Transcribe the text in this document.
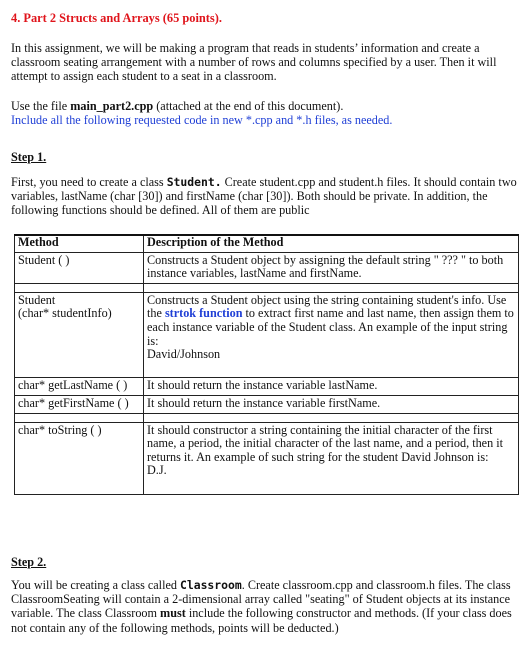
4. Part 2 Structs and Arrays (65 points).

In this assignment, we will be making a program that reads in students’ information and create a classroom seating arrangement with a number of rows and columns specified by a user. Then it will attempt to assign each student to a seat in a classroom.

Use the file main_part2.cpp (attached at the end of this document).
Include all the following requested code in new *.cpp and *.h files, as needed.

Step 1.

First, you need to create a class Student. Create student.cpp and student.h files. It should contain two variables, lastName (char [30]) and firstName (char [30]). Both should be private. In addition, the following functions should be defined. All of them are public

Method	Description of the Method
Student ( )	Constructs a Student object by assigning the default string " ??? " to both instance variables, lastName and firstName.

Student
(char* studentInfo)	Constructs a Student object using the string containing student's info. Use the strtok function to extract first name and last name, then assign them to each instance variable of the Student class. An example of the input string is:
David/Johnson

char* getLastName ( )	It should return the instance variable lastName.
char* getFirstName ( )	It should return the instance variable firstName.

char* toString ( )	It should constructor a string containing the initial character of the first name, a period, the initial character of the last name, and a period, then it returns it. An example of such string for the student David Johnson is:
D.J.

Step 2.

You will be creating a class called Classroom. Create classroom.cpp and classroom.h files. The class ClassroomSeating will contain a 2-dimensional array called "seating" of Student objects at its instance variable. The class Classroom must include the following constructor and methods. (If your class does not contain any of the following methods, points will be deducted.)
